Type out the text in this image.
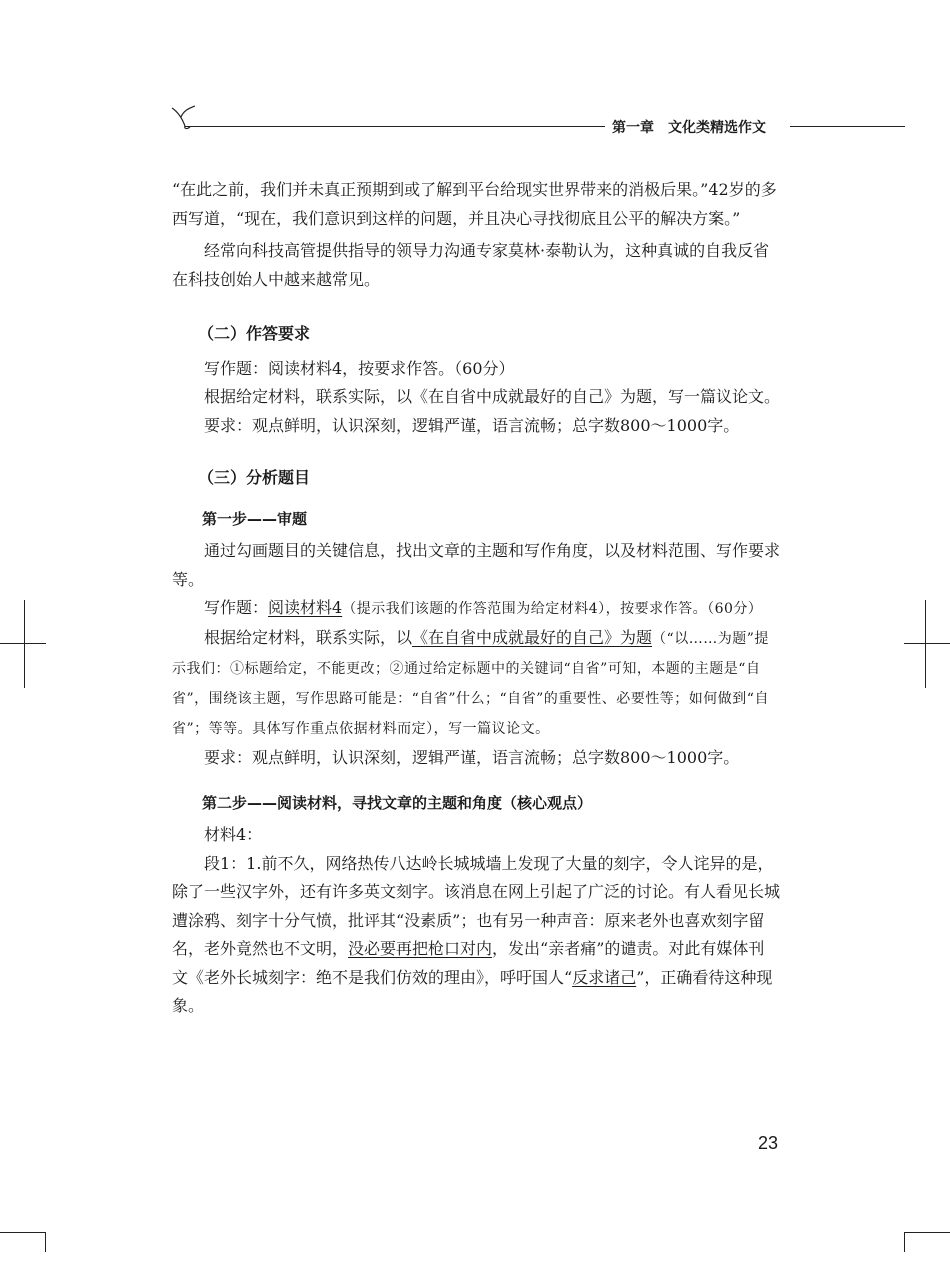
第一章　文化类精选作文

“在此之前，我们并未真正预期到或了解到平台给现实世界带来的消极后果。”42岁的多西写道，“现在，我们意识到这样的问题，并且决心寻找彻底且公平的解决方案。”

经常向科技高管提供指导的领导力沟通专家莫林·泰勒认为，这种真诚的自我反省在科技创始人中越来越常见。

（二）作答要求

写作题：阅读材料4，按要求作答。（60分）

根据给定材料，联系实际，以《在自省中成就最好的自己》为题，写一篇议论文。

要求：观点鲜明，认识深刻，逻辑严谨，语言流畅；总字数800～1000字。

（三）分析题目

第一步——审题

通过勾画题目的关键信息，找出文章的主题和写作角度，以及材料范围、写作要求等。

写作题：阅读材料4（提示我们该题的作答范围为给定材料4），按要求作答。（60分）

根据给定材料，联系实际，以《在自省中成就最好的自己》为题（“以……为题”提示我们：①标题给定，不能更改；②通过给定标题中的关键词“自省”可知，本题的主题是“自省”，围绕该主题，写作思路可能是：“自省”什么；“自省”的重要性、必要性等；如何做到“自省”；等等。具体写作重点依据材料而定），写一篇议论文。

要求：观点鲜明，认识深刻，逻辑严谨，语言流畅；总字数800～1000字。

第二步——阅读材料，寻找文章的主题和角度（核心观点）

材料4：

段1：1.前不久，网络热传八达岭长城城墙上发现了大量的刻字，令人诧异的是，除了一些汉字外，还有许多英文刻字。该消息在网上引起了广泛的讨论。有人看见长城遭涂鸦、刻字十分气愤，批评其“没素质”；也有另一种声音：原来老外也喜欢刻字留名，老外竟然也不文明，没必要再把枪口对内，发出“亲者痛”的谴责。对此有媒体刊文《老外长城刻字：绝不是我们仿效的理由》，呼吁国人“反求诸己”，正确看待这种现象。

23
